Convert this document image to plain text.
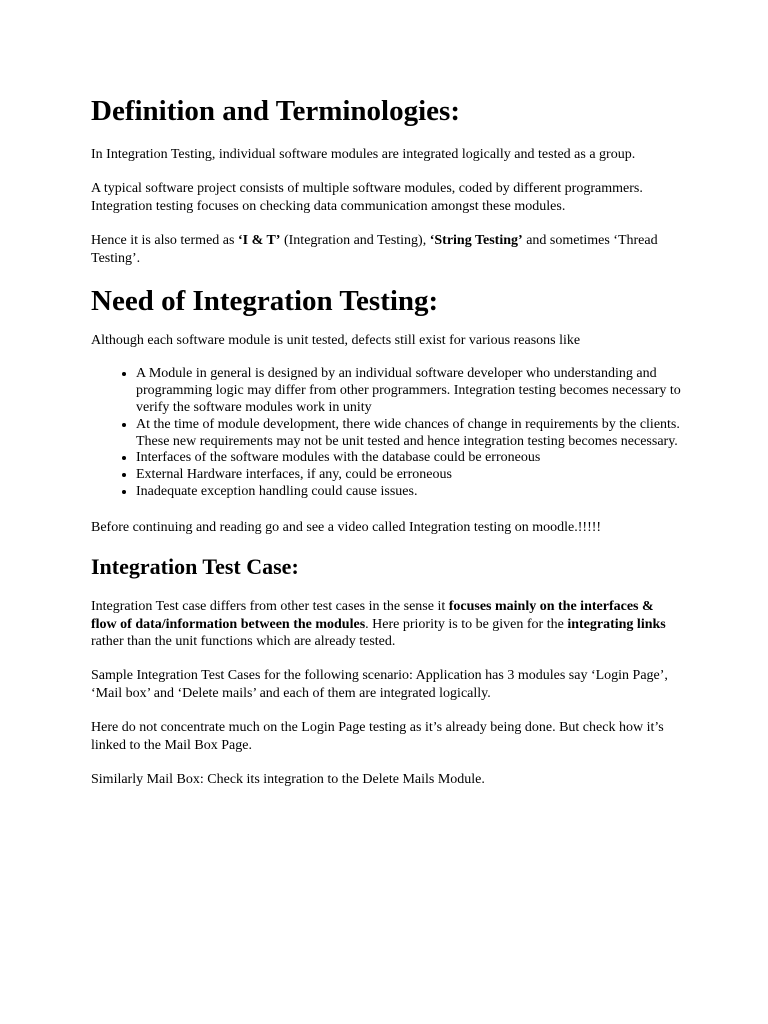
Definition and Terminologies:

In Integration Testing, individual software modules are integrated logically and tested as a group.

A typical software project consists of multiple software modules, coded by different programmers. Integration testing focuses on checking data communication amongst these modules.

Hence it is also termed as ‘I & T’ (Integration and Testing), ‘String Testing’ and sometimes ‘Thread Testing’.

Need of Integration Testing:

Although each software module is unit tested, defects still exist for various reasons like

• A Module in general is designed by an individual software developer who understanding and programming logic may differ from other programmers. Integration testing becomes necessary to verify the software modules work in unity
• At the time of module development, there wide chances of change in requirements by the clients. These new requirements may not be unit tested and hence integration testing becomes necessary.
• Interfaces of the software modules with the database could be erroneous
• External Hardware interfaces, if any, could be erroneous
• Inadequate exception handling could cause issues.

Before continuing and reading go and see a video called Integration testing on moodle.!!!!!

Integration Test Case:

Integration Test case differs from other test cases in the sense it focuses mainly on the interfaces & flow of data/information between the modules. Here priority is to be given for the integrating links rather than the unit functions which are already tested.

Sample Integration Test Cases for the following scenario: Application has 3 modules say ‘Login Page’, ‘Mail box’ and ‘Delete mails’ and each of them are integrated logically.

Here do not concentrate much on the Login Page testing as it’s already being done. But check how it’s linked to the Mail Box Page.

Similarly Mail Box: Check its integration to the Delete Mails Module.
